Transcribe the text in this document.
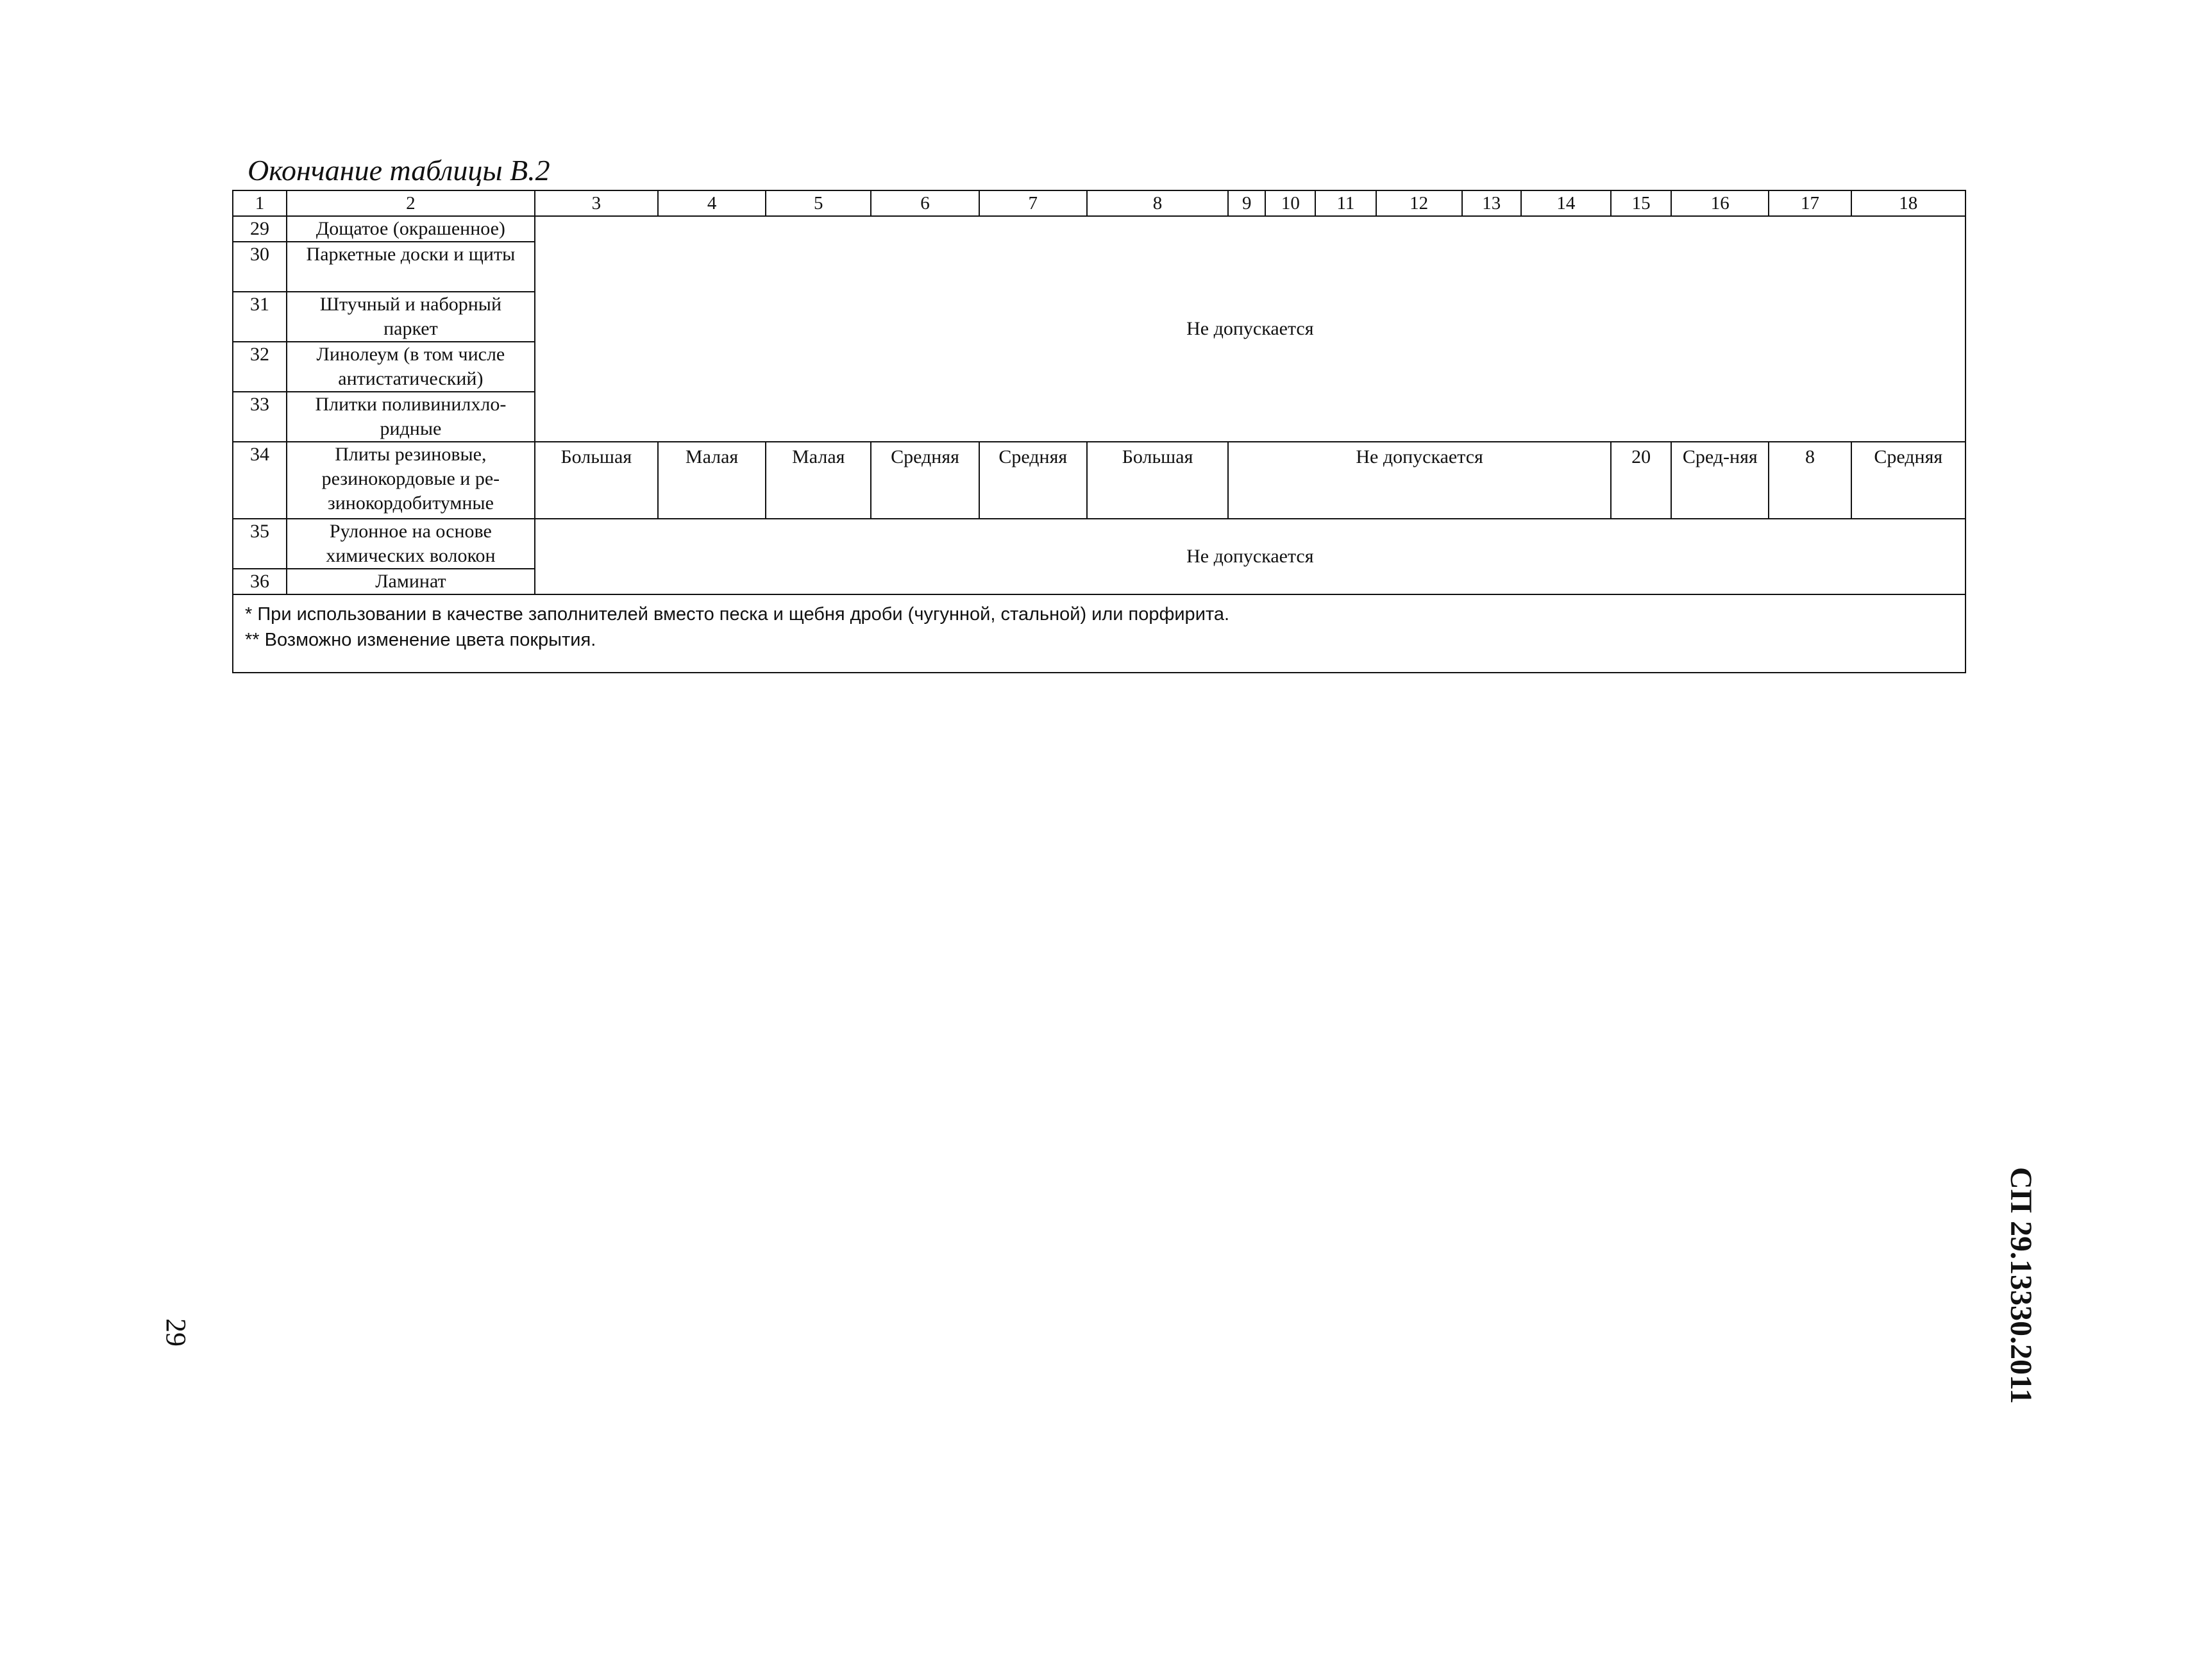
Окончание таблицы В.2
1	2	3	4	5	6	7	8	9	10	11	12	13	14	15	16	17	18
29	Дощатое (окрашенное)	Не допускается															
30	Паркетные доски и щиты																
31	Штучный и наборный паркет																
32	Линолеум (в том числе антистатический)																
33	Плитки поливинилхло-ридные																
34	Плиты резиновые, резинокордовые и ре-зинокордобитумные	Большая	Малая	Малая	Средняя	Средняя	Большая	Не допускается						20	Сред-няя	8	Средняя
35	Рулонное на основе химических волокон	Не допускается															
36	Ламинат																

* При использовании в качестве заполнителей вместо песка и щебня дроби (чугунной, стальной) или порфирита.
** Возможно изменение цвета покрытия.																	
СП 29.13330.2011
29
